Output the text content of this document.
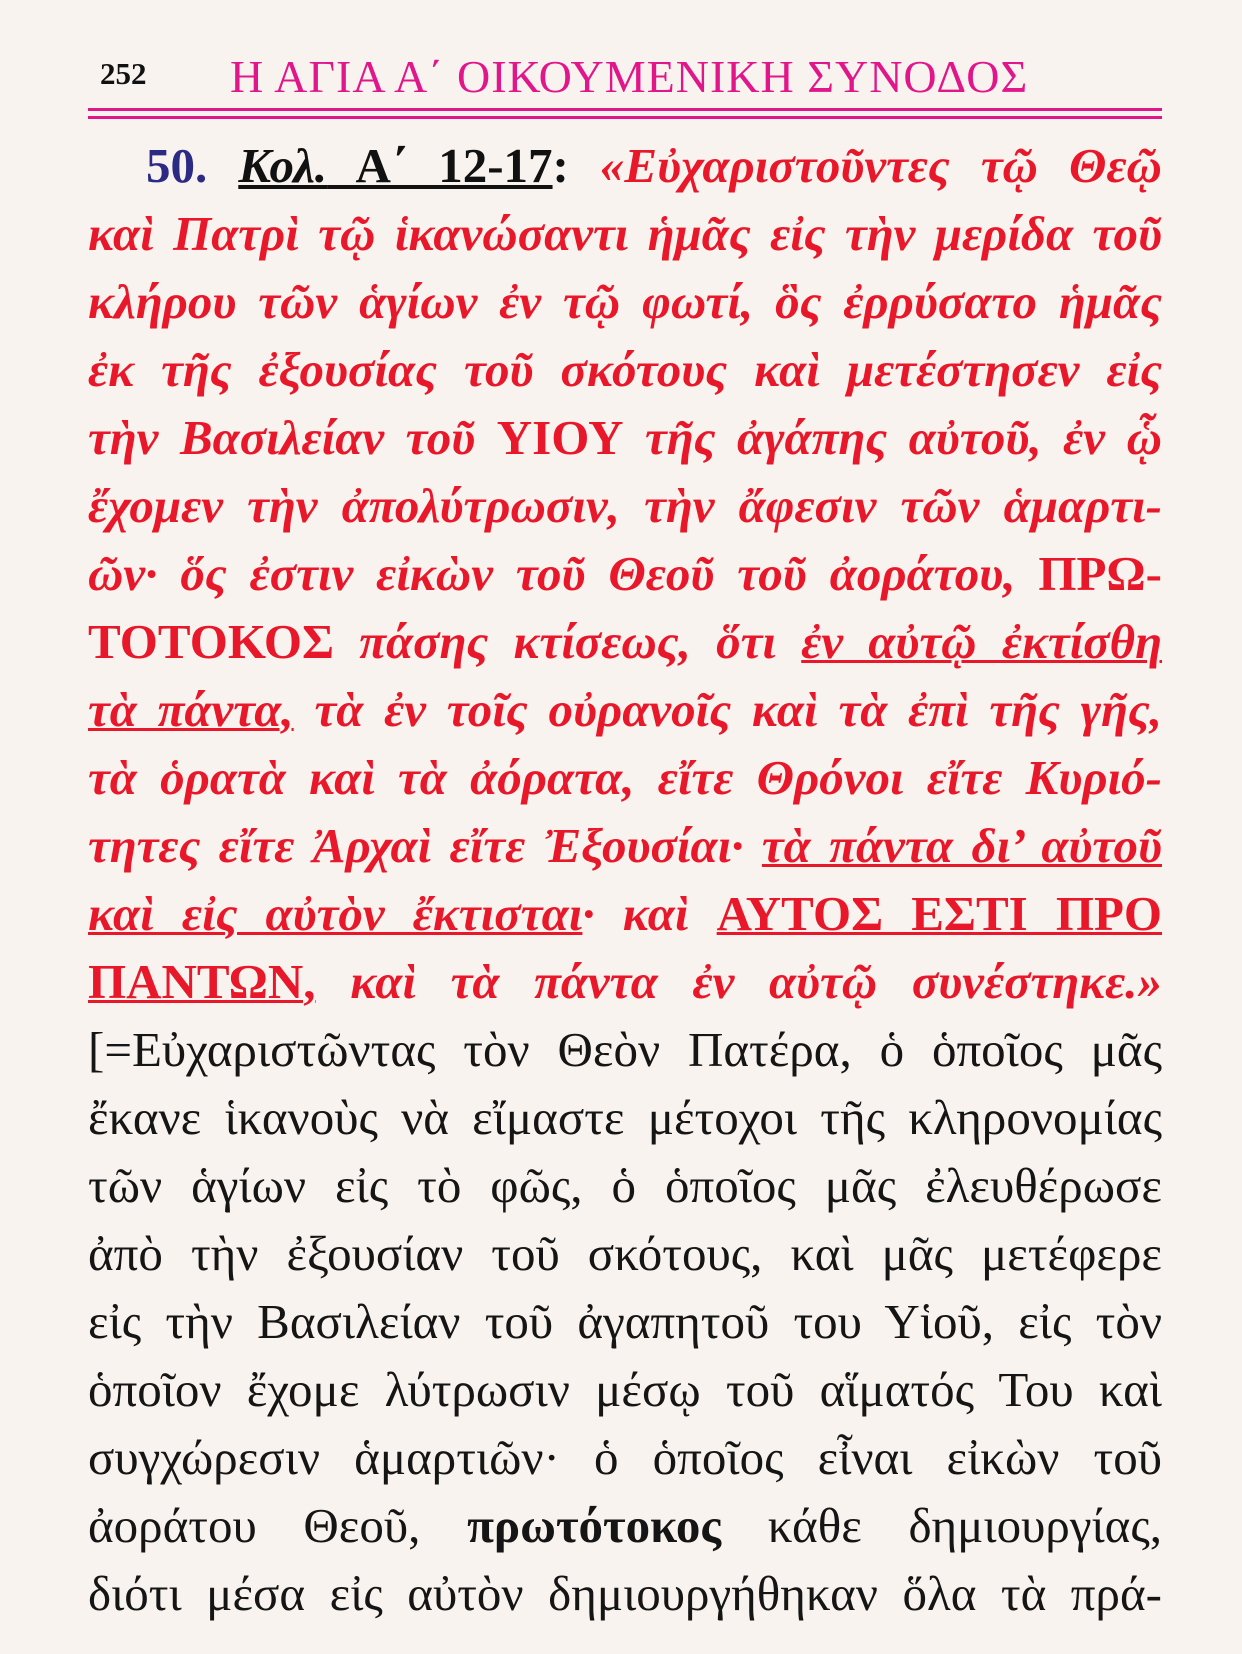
252 Η ΑΓΙΑ Α΄ ΟΙΚΟΥΜΕΝΙΚΗ ΣΥΝΟΔΟΣ
50. Κολ. Α΄ 12-17: «Εὐχαριστοῦντες τῷ Θεῷ
καὶ Πατρὶ τῷ ἱκανώσαντι ἡμᾶς εἰς τὴν μερίδα τοῦ
κλήρου τῶν ἁγίων ἐν τῷ φωτί, ὃς ἐρρύσατο ἡμᾶς
ἐκ τῆς ἐξουσίας τοῦ σκότους καὶ μετέστησεν εἰς
τὴν Βασιλείαν τοῦ ΥΙΟΥ τῆς ἀγάπης αὐτοῦ, ἐν ᾧ
ἔχομεν τὴν ἀπολύτρωσιν, τὴν ἄφεσιν τῶν ἁμαρτι-
ῶν· ὅς ἐστιν εἰκὼν τοῦ Θεοῦ τοῦ ἀοράτου, ΠΡΩ-
ΤΟΤΟΚΟΣ πάσης κτίσεως, ὅτι ἐν αὐτῷ ἐκτίσθη
τὰ πάντα, τὰ ἐν τοῖς οὐρανοῖς καὶ τὰ ἐπὶ τῆς γῆς,
τὰ ὁρατὰ καὶ τὰ ἀόρατα, εἴτε Θρόνοι εἴτε Κυριό-
τητες εἴτε Ἀρχαὶ εἴτε Ἐξουσίαι· τὰ πάντα δι’ αὐτοῦ
καὶ εἰς αὐτὸν ἔκτισται· καὶ ΑΥΤΟΣ ΕΣΤΙ ΠΡΟ
ΠΑΝΤΩΝ, καὶ τὰ πάντα ἐν αὐτῷ συνέστηκε.»
[=Εὐχαριστῶντας τὸν Θεὸν Πατέρα, ὁ ὁποῖος μᾶς
ἔκανε ἱκανοὺς νὰ εἴμαστε μέτοχοι τῆς κληρονομίας
τῶν ἁγίων εἰς τὸ φῶς, ὁ ὁποῖος μᾶς ἐλευθέρωσε
ἀπὸ τὴν ἐξουσίαν τοῦ σκότους, καὶ μᾶς μετέφερε
εἰς τὴν Βασιλείαν τοῦ ἀγαπητοῦ του Υἱοῦ, εἰς τὸν
ὁποῖον ἔχομε λύτρωσιν μέσῳ τοῦ αἵματός Του καὶ
συγχώρεσιν ἁμαρτιῶν· ὁ ὁποῖος εἶναι εἰκὼν τοῦ
ἀοράτου Θεοῦ, πρωτότοκος κάθε δημιουργίας,
διότι μέσα εἰς αὐτὸν δημιουργήθηκαν ὅλα τὰ πρά-
